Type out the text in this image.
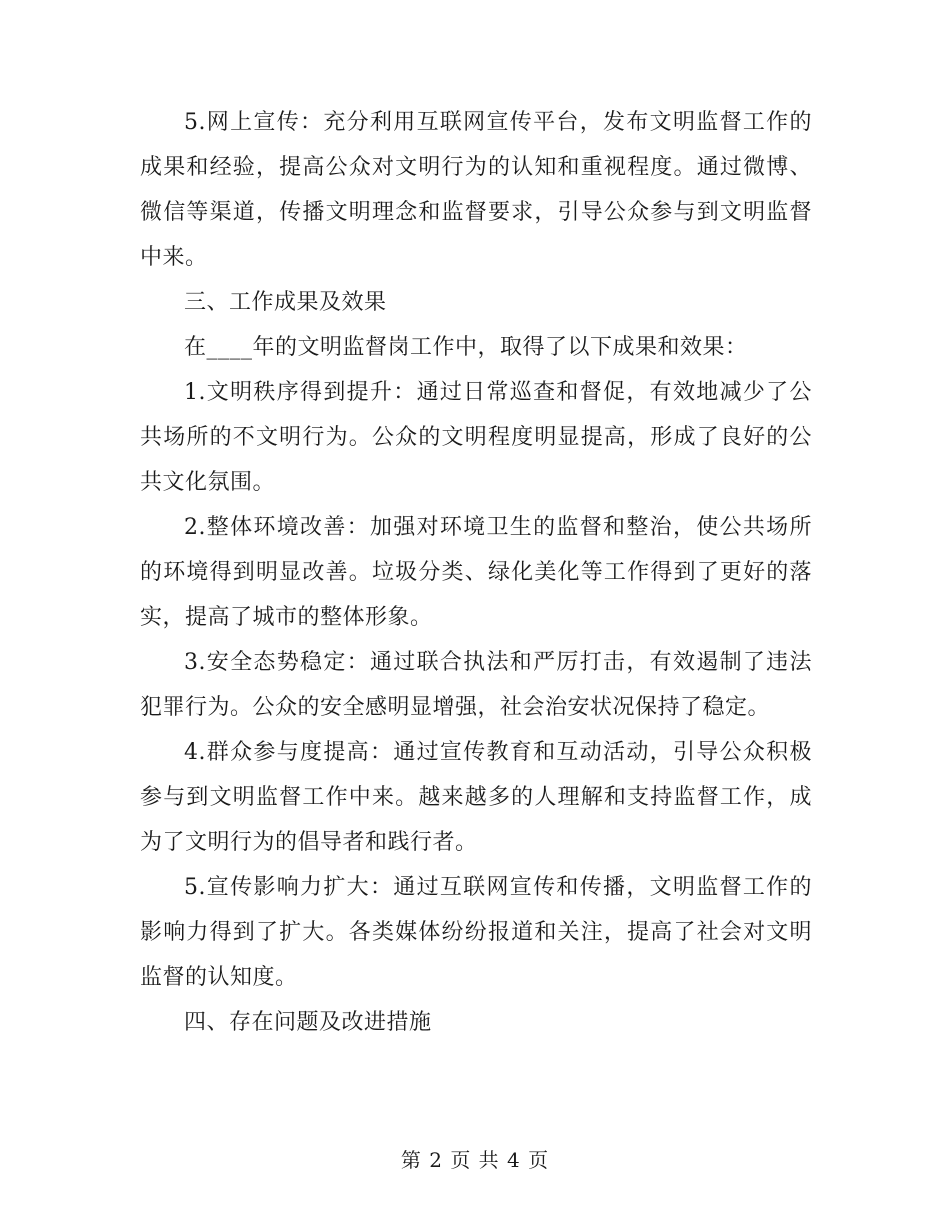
5.网上宣传：充分利用互联网宣传平台，发布文明监督工作的成果和经验，提高公众对文明行为的认知和重视程度。通过微博、微信等渠道，传播文明理念和监督要求，引导公众参与到文明监督中来。

三、工作成果及效果

在____年的文明监督岗工作中，取得了以下成果和效果：

1.文明秩序得到提升：通过日常巡查和督促，有效地减少了公共场所的不文明行为。公众的文明程度明显提高，形成了良好的公共文化氛围。

2.整体环境改善：加强对环境卫生的监督和整治，使公共场所的环境得到明显改善。垃圾分类、绿化美化等工作得到了更好的落实，提高了城市的整体形象。

3.安全态势稳定：通过联合执法和严厉打击，有效遏制了违法犯罪行为。公众的安全感明显增强，社会治安状况保持了稳定。

4.群众参与度提高：通过宣传教育和互动活动，引导公众积极参与到文明监督工作中来。越来越多的人理解和支持监督工作，成为了文明行为的倡导者和践行者。

5.宣传影响力扩大：通过互联网宣传和传播，文明监督工作的影响力得到了扩大。各类媒体纷纷报道和关注，提高了社会对文明监督的认知度。

四、存在问题及改进措施

第 2 页 共 4 页
